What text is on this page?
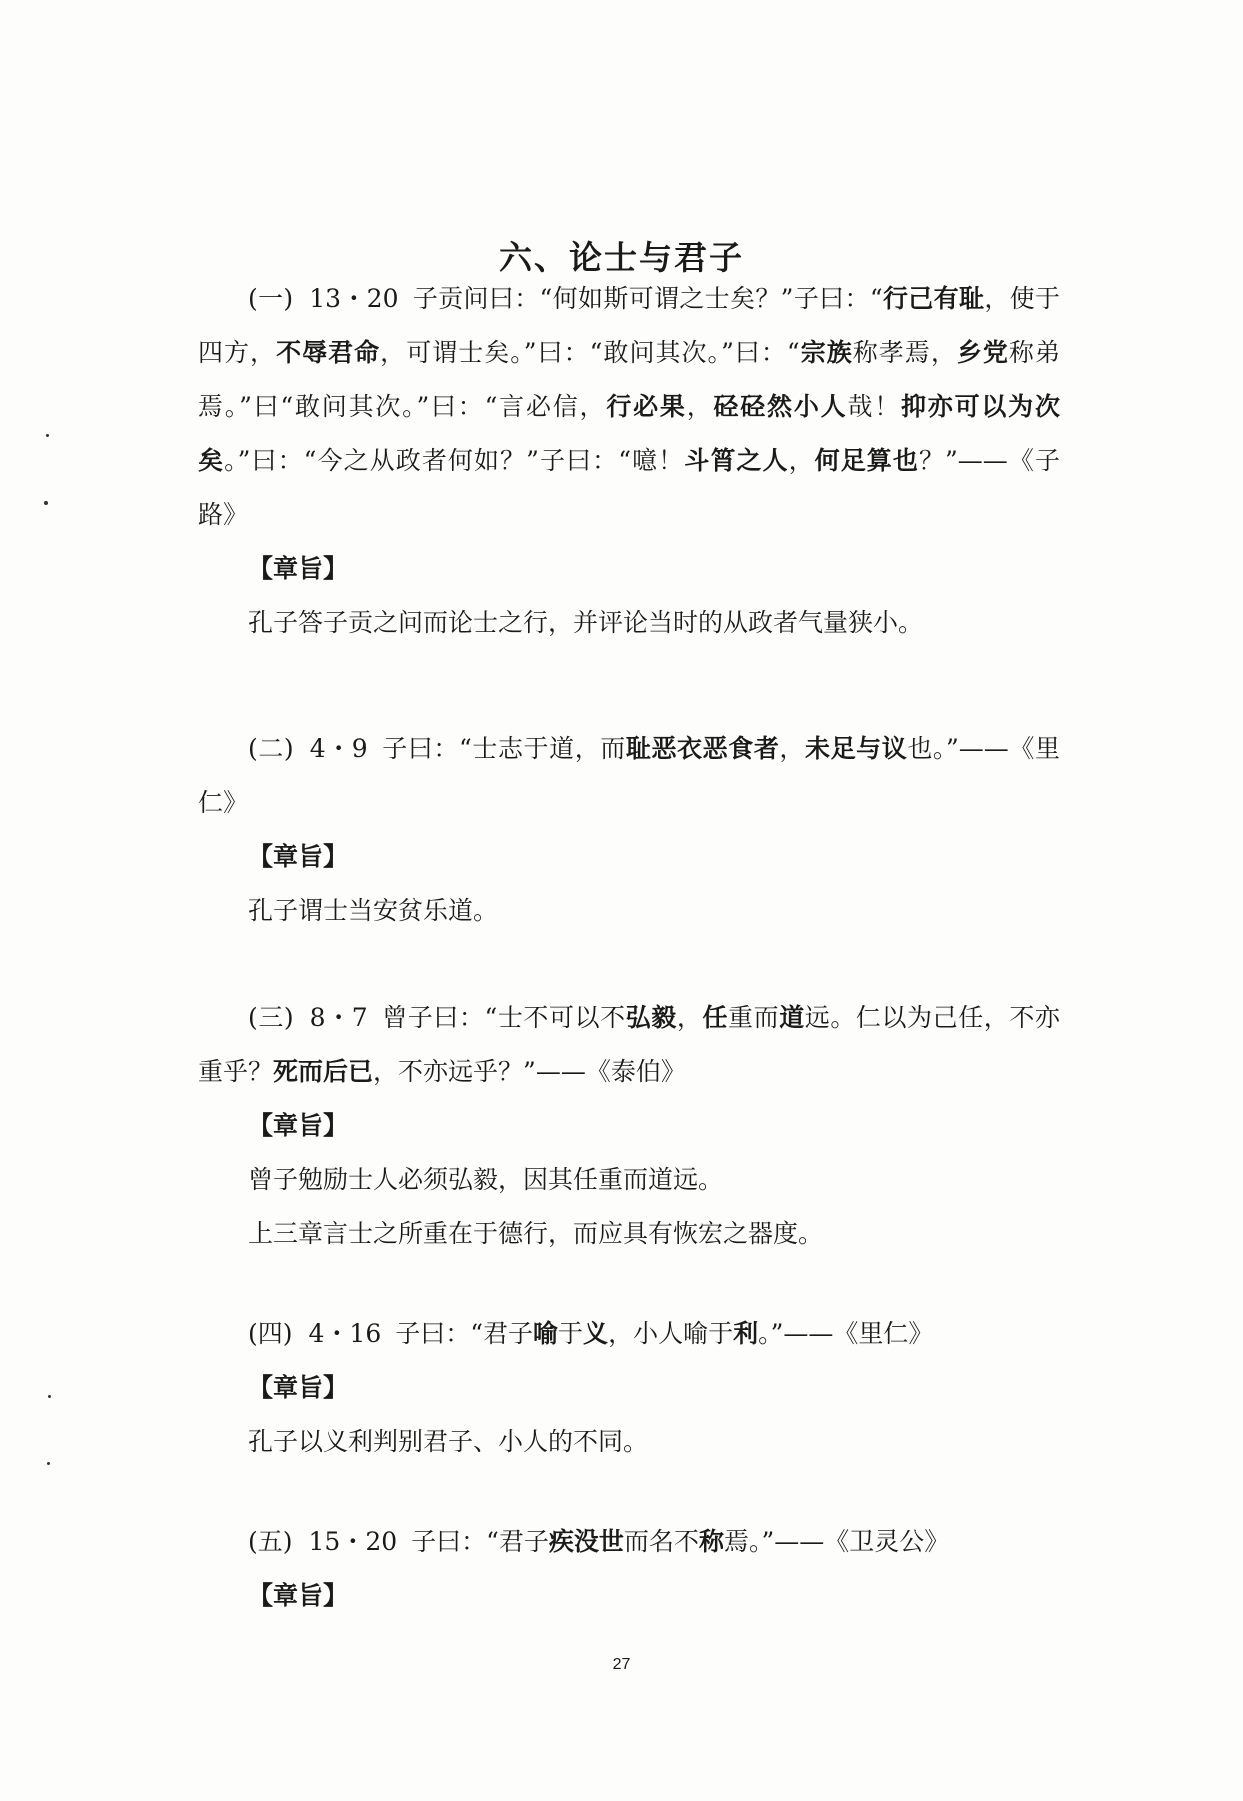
六、论士与君子

(一) 13・20 子贡问曰：“何如斯可谓之士矣？”子曰：“行己有耻，使于四方，不辱君命，可谓士矣。”曰：“敢问其次。”曰：“宗族称孝焉，乡党称弟焉。”曰“敢问其次。”曰：“言必信，行必果，硁硁然小人哉！抑亦可以为次矣。”曰：“今之从政者何如？”子曰：“噫！斗筲之人，何足算也？”——《子路》

【章旨】

孔子答子贡之问而论士之行，并评论当时的从政者气量狭小。

(二) 4・9 子曰：“士志于道，而耻恶衣恶食者，未足与议也。”——《里仁》

【章旨】

孔子谓士当安贫乐道。

(三) 8・7 曾子曰：“士不可以不弘毅，任重而道远。仁以为己任，不亦重乎？死而后已，不亦远乎？”——《泰伯》

【章旨】

曾子勉励士人必须弘毅，因其任重而道远。

上三章言士之所重在于德行，而应具有恢宏之器度。

(四) 4・16 子曰：“君子喻于义，小人喻于利。”——《里仁》

【章旨】

孔子以义利判别君子、小人的不同。

(五) 15・20 子曰：“君子疾没世而名不称焉。”——《卫灵公》

【章旨】

27
